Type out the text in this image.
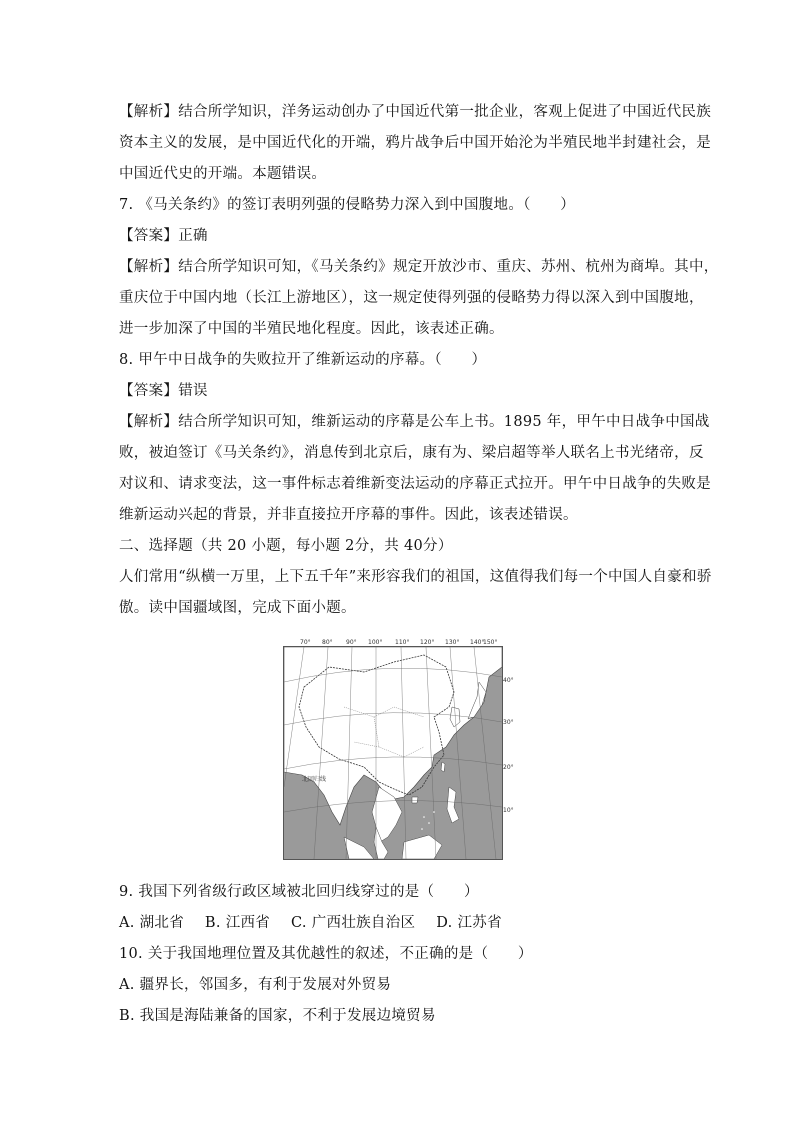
【解析】结合所学知识，洋务运动创办了中国近代第一批企业，客观上促进了中国近代民族
资本主义的发展，是中国近代化的开端，鸦片战争后中国开始沦为半殖民地半封建社会，是
中国近代史的开端。本题错误。
7. 《马关条约》的签订表明列强的侵略势力深入到中国腹地。（　　）
【答案】正确
【解析】结合所学知识可知，《马关条约》规定开放沙市、重庆、苏州、杭州为商埠。其中，
重庆位于中国内地（长江上游地区），这一规定使得列强的侵略势力得以深入到中国腹地，
进一步加深了中国的半殖民地化程度。因此，该表述正确。
8. 甲午中日战争的失败拉开了维新运动的序幕。（　　）
【答案】错误
【解析】结合所学知识可知，维新运动的序幕是公车上书。1895 年，甲午中日战争中国战
败，被迫签订《马关条约》，消息传到北京后，康有为、梁启超等举人联名上书光绪帝，反
对议和、请求变法，这一事件标志着维新变法运动的序幕正式拉开。甲午中日战争的失败是
维新运动兴起的背景，并非直接拉开序幕的事件。因此，该表述错误。
二、选择题（共 20 小题，每小题 2分，共 40分）
人们常用“纵横一万里，上下五千年”来形容我们的祖国，这值得我们每一个中国人自豪和骄
傲。读中国疆域图，完成下面小题。
70° 80° 90° 100° 110° 120° 130° 140°
150°
北回归线
40°
30°
20°
10°
9. 我国下列省级行政区域被北回归线穿过的是（　　）
A. 湖北省 B. 江西省 C. 广西壮族自治区 D. 江苏省
10. 关于我国地理位置及其优越性的叙述，不正确的是（　　）
A. 疆界长，邻国多，有利于发展对外贸易
B. 我国是海陆兼备的国家，不利于发展边境贸易
